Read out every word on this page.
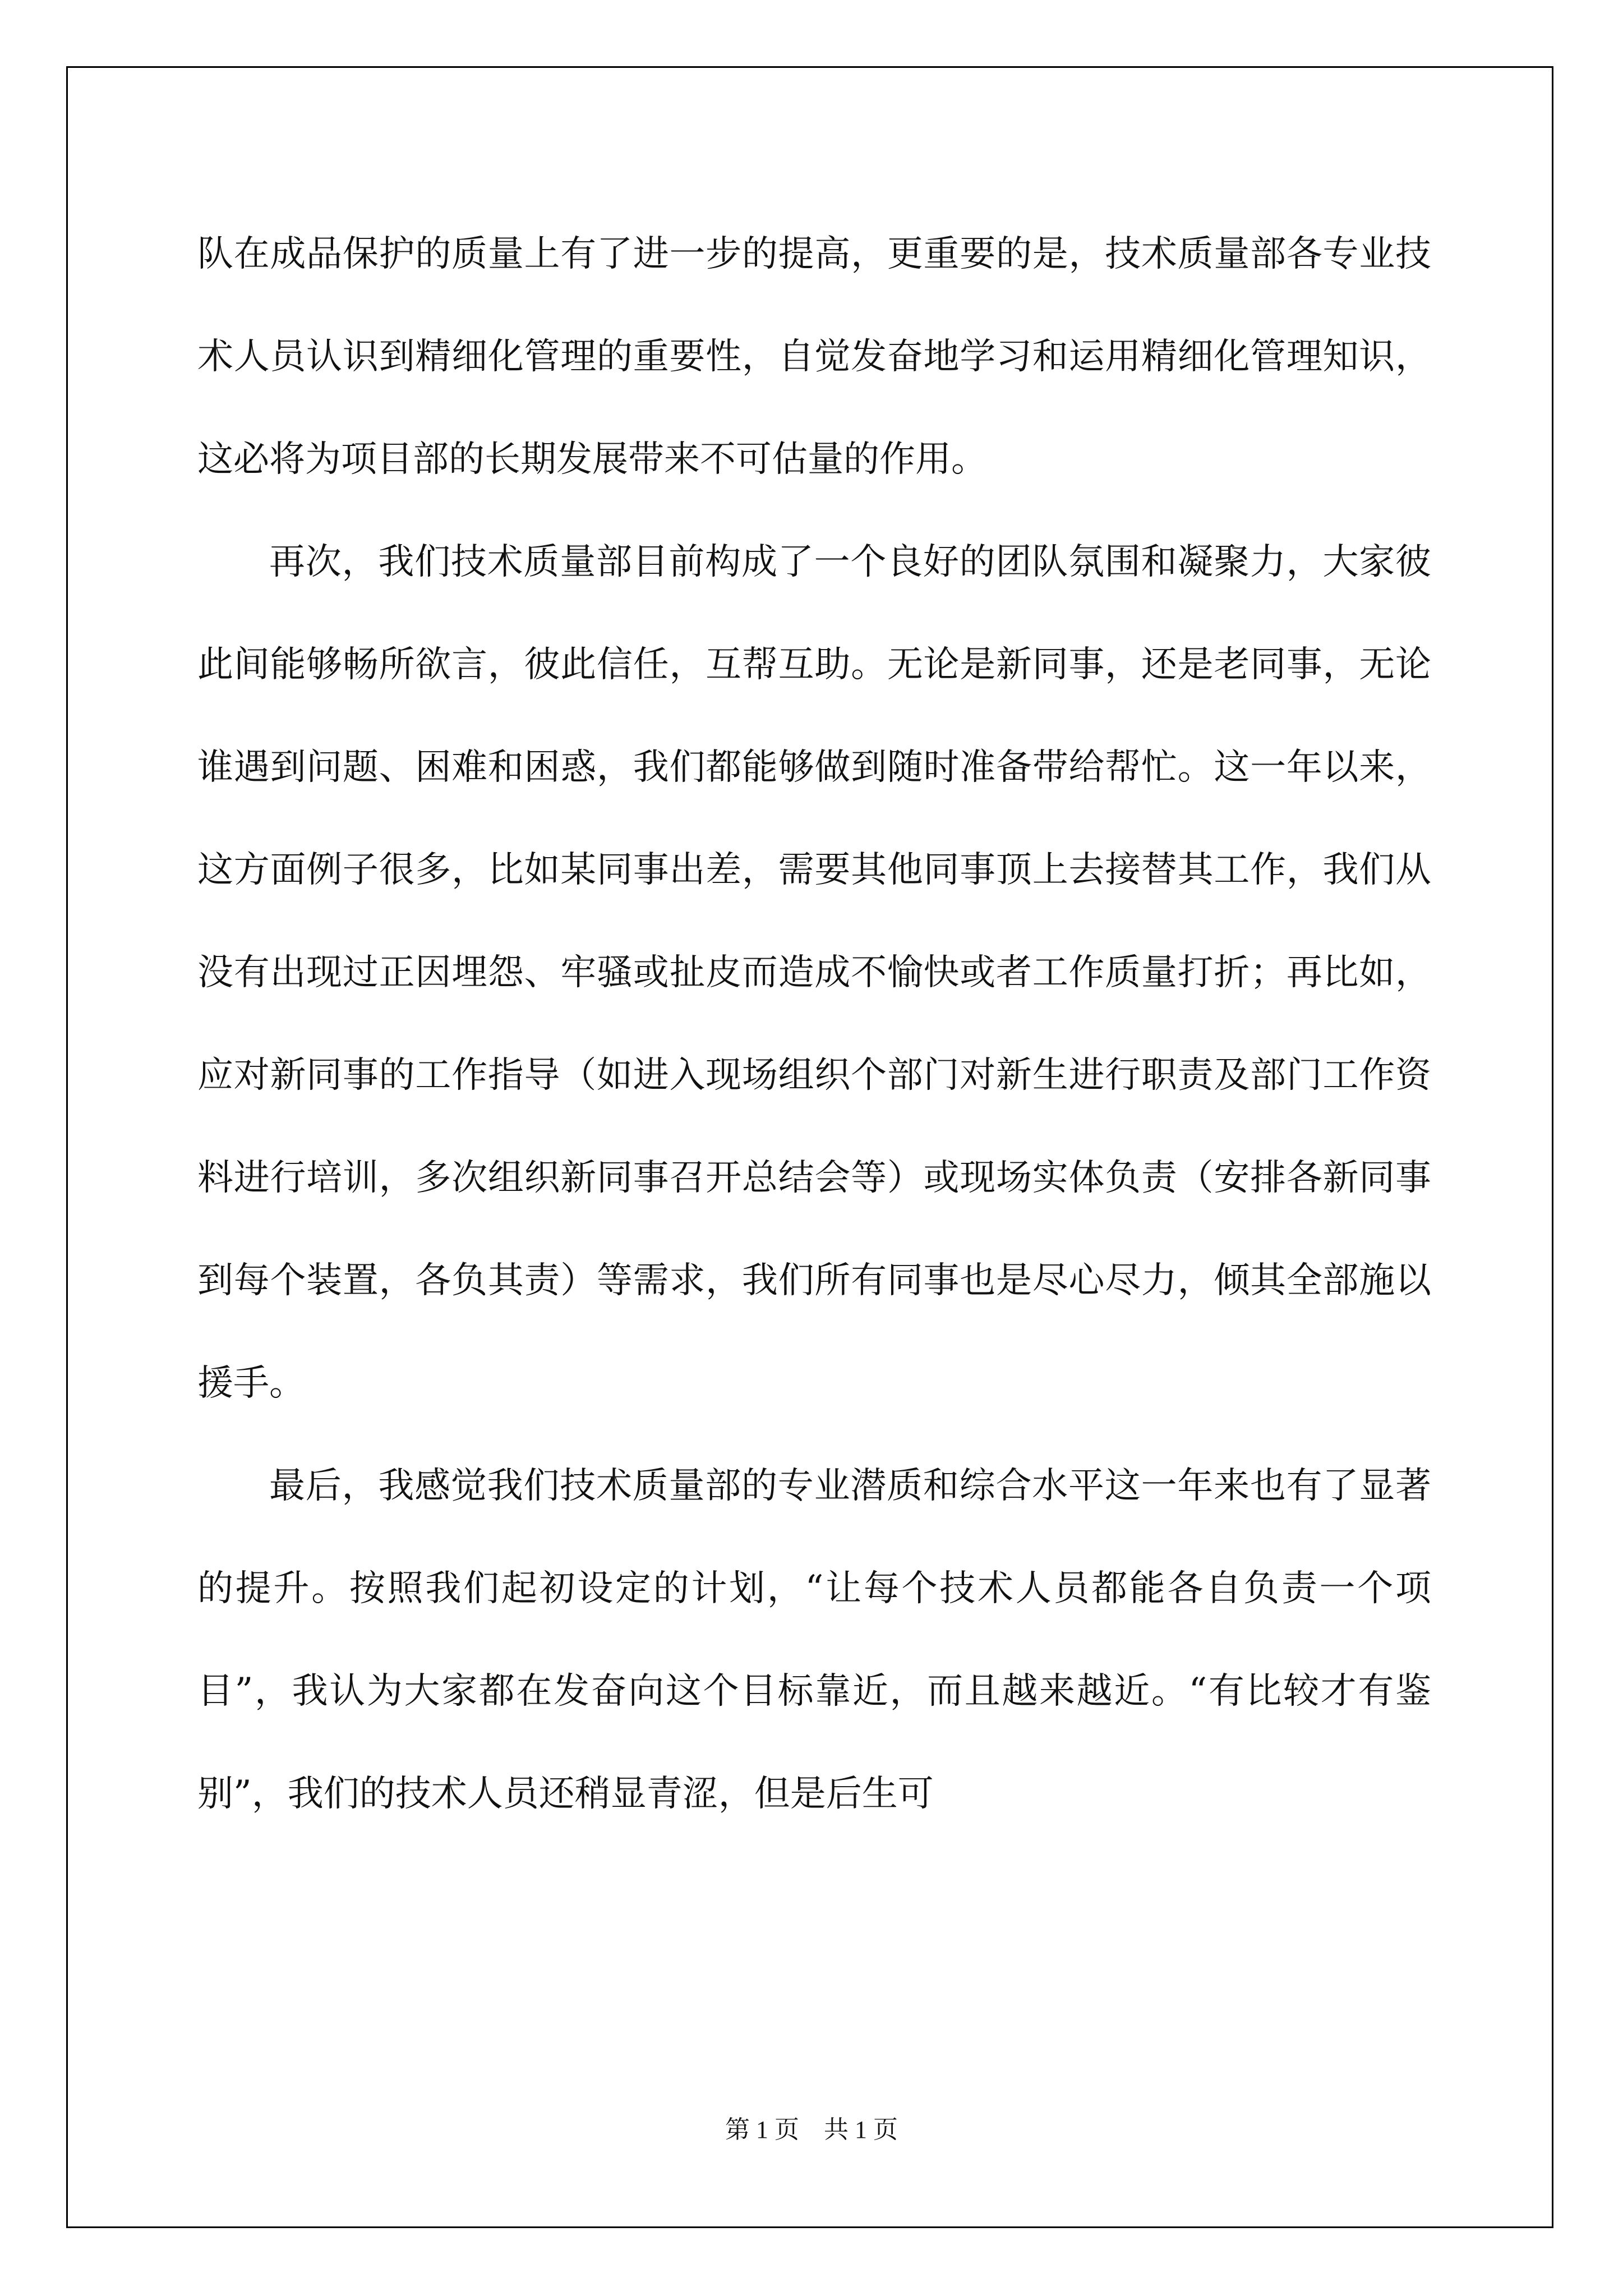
队在成品保护的质量上有了进一步的提高，更重要的是，技术质量部各专业技术人员认识到精细化管理的重要性，自觉发奋地学习和运用精细化管理知识，这必将为项目部的长期发展带来不可估量的作用。

再次，我们技术质量部目前构成了一个良好的团队氛围和凝聚力，大家彼此间能够畅所欲言，彼此信任，互帮互助。无论是新同事，还是老同事，无论谁遇到问题、困难和困惑，我们都能够做到随时准备带给帮忙。这一年以来，这方面例子很多，比如某同事出差，需要其他同事顶上去接替其工作，我们从没有出现过正因埋怨、牢骚或扯皮而造成不愉快或者工作质量打折；再比如，应对新同事的工作指导（如进入现场组织个部门对新生进行职责及部门工作资料进行培训，多次组织新同事召开总结会等）或现场实体负责（安排各新同事到每个装置，各负其责）等需求，我们所有同事也是尽心尽力，倾其全部施以援手。

最后，我感觉我们技术质量部的专业潜质和综合水平这一年来也有了显著的提升。按照我们起初设定的计划，“让每个技术人员都能各自负责一个项目”，我认为大家都在发奋向这个目标靠近，而且越来越近。“有比较才有鉴别”，我们的技术人员还稍显青涩，但是后生可

第 1 页    共 1 页
